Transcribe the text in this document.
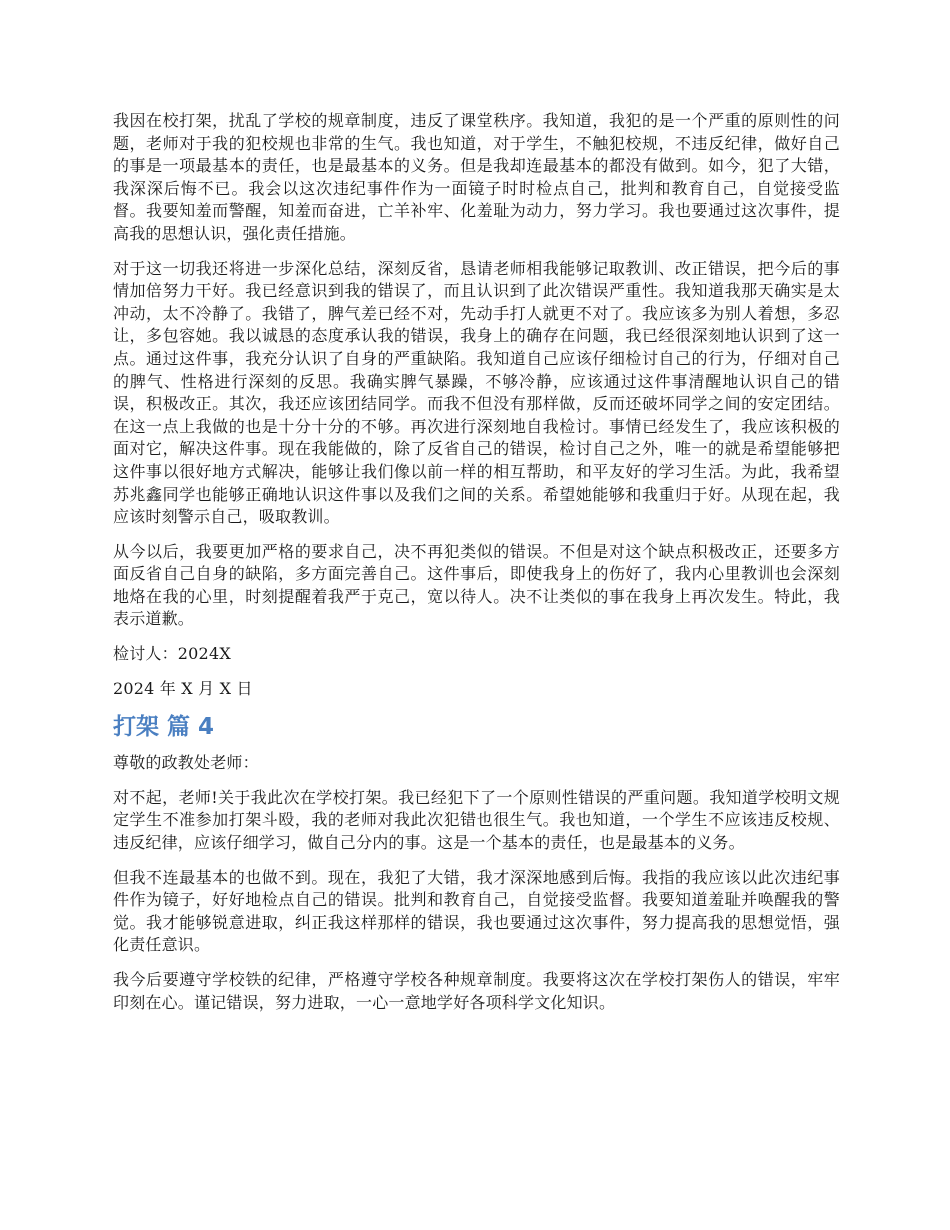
我因在校打架，扰乱了学校的规章制度，违反了课堂秩序。我知道，我犯的是一个严重的原则性的问题，老师对于我的犯校规也非常的生气。我也知道，对于学生，不触犯校规，不违反纪律，做好自己的事是一项最基本的责任，也是最基本的义务。但是我却连最基本的都没有做到。如今，犯了大错，我深深后悔不已。我会以这次违纪事件作为一面镜子时时检点自己，批判和教育自己，自觉接受监督。我要知羞而警醒，知羞而奋进，亡羊补牢、化羞耻为动力，努力学习。我也要通过这次事件，提高我的思想认识，强化责任措施。

对于这一切我还将进一步深化总结，深刻反省，恳请老师相我能够记取教训、改正错误，把今后的事情加倍努力干好。我已经意识到我的错误了，而且认识到了此次错误严重性。我知道我那天确实是太冲动，太不冷静了。我错了，脾气差已经不对，先动手打人就更不对了。我应该多为别人着想，多忍让，多包容她。我以诚恳的态度承认我的错误，我身上的确存在问题，我已经很深刻地认识到了这一点。通过这件事，我充分认识了自身的严重缺陷。我知道自己应该仔细检讨自己的行为，仔细对自己的脾气、性格进行深刻的反思。我确实脾气暴躁，不够冷静，应该通过这件事清醒地认识自己的错误，积极改正。其次，我还应该团结同学。而我不但没有那样做，反而还破坏同学之间的安定团结。在这一点上我做的也是十分十分的不够。再次进行深刻地自我检讨。事情已经发生了，我应该积极的面对它，解决这件事。现在我能做的，除了反省自己的错误，检讨自己之外，唯一的就是希望能够把这件事以很好地方式解决，能够让我们像以前一样的相互帮助，和平友好的学习生活。为此，我希望苏兆鑫同学也能够正确地认识这件事以及我们之间的关系。希望她能够和我重归于好。从现在起，我应该时刻警示自己，吸取教训。

从今以后，我要更加严格的要求自己，决不再犯类似的错误。不但是对这个缺点积极改正，还要多方面反省自己自身的缺陷，多方面完善自己。这件事后，即使我身上的伤好了，我内心里教训也会深刻地烙在我的心里，时刻提醒着我严于克己，宽以待人。决不让类似的事在我身上再次发生。特此，我表示道歉。

检讨人：2024X

2024 年 X 月 X 日

打架 篇 4

尊敬的政教处老师：

对不起，老师!关于我此次在学校打架。我已经犯下了一个原则性错误的严重问题。我知道学校明文规定学生不准参加打架斗殴，我的老师对我此次犯错也很生气。我也知道，一个学生不应该违反校规、违反纪律，应该仔细学习，做自己分内的事。这是一个基本的责任，也是最基本的义务。

但我不连最基本的也做不到。现在，我犯了大错，我才深深地感到后悔。我指的我应该以此次违纪事件作为镜子，好好地检点自己的错误。批判和教育自己，自觉接受监督。我要知道羞耻并唤醒我的警觉。我才能够锐意进取，纠正我这样那样的错误，我也要通过这次事件，努力提高我的思想觉悟，强化责任意识。

我今后要遵守学校铁的纪律，严格遵守学校各种规章制度。我要将这次在学校打架伤人的错误，牢牢印刻在心。谨记错误，努力进取，一心一意地学好各项科学文化知识。
